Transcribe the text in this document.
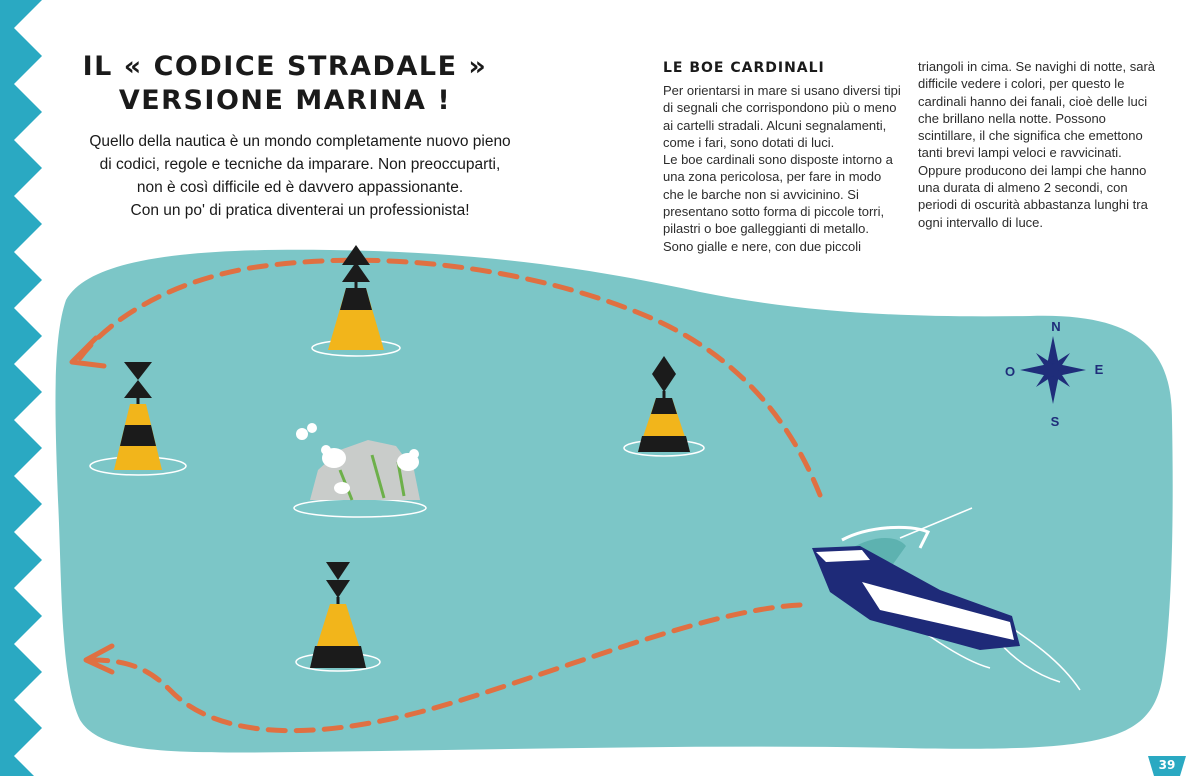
IL « CODICE STRADALE »
VERSIONE MARINA !
Quello della nautica è un mondo completamente nuovo pieno
di codici, regole e tecniche da imparare. Non preoccuparti,
non è così difficile ed è davvero appassionante.
Con un po' di pratica diventerai un professionista!
LE BOE CARDINALI
Per orientarsi in mare si usano diversi tipi
di segnali che corrispondono più o meno
ai cartelli stradali. Alcuni segnalamenti,
come i fari, sono dotati di luci.
Le boe cardinali sono disposte intorno a
una zona pericolosa, per fare in modo
che le barche non si avvicinino. Si
presentano sotto forma di piccole torri,
pilastri o boe galleggianti di metallo.
Sono gialle e nere, con due piccoli
triangoli in cima. Se navighi di notte, sarà
difficile vedere i colori, per questo le
cardinali hanno dei fanali, cioè delle luci
che brillano nella notte. Possono
scintillare, il che significa che emettono
tanti brevi lampi veloci e ravvicinati.
Oppure producono dei lampi che hanno
una durata di almeno 2 secondi, con
periodi di oscurità abbastanza lunghi tra
ogni intervallo di luce.
N
E
S
O
39
